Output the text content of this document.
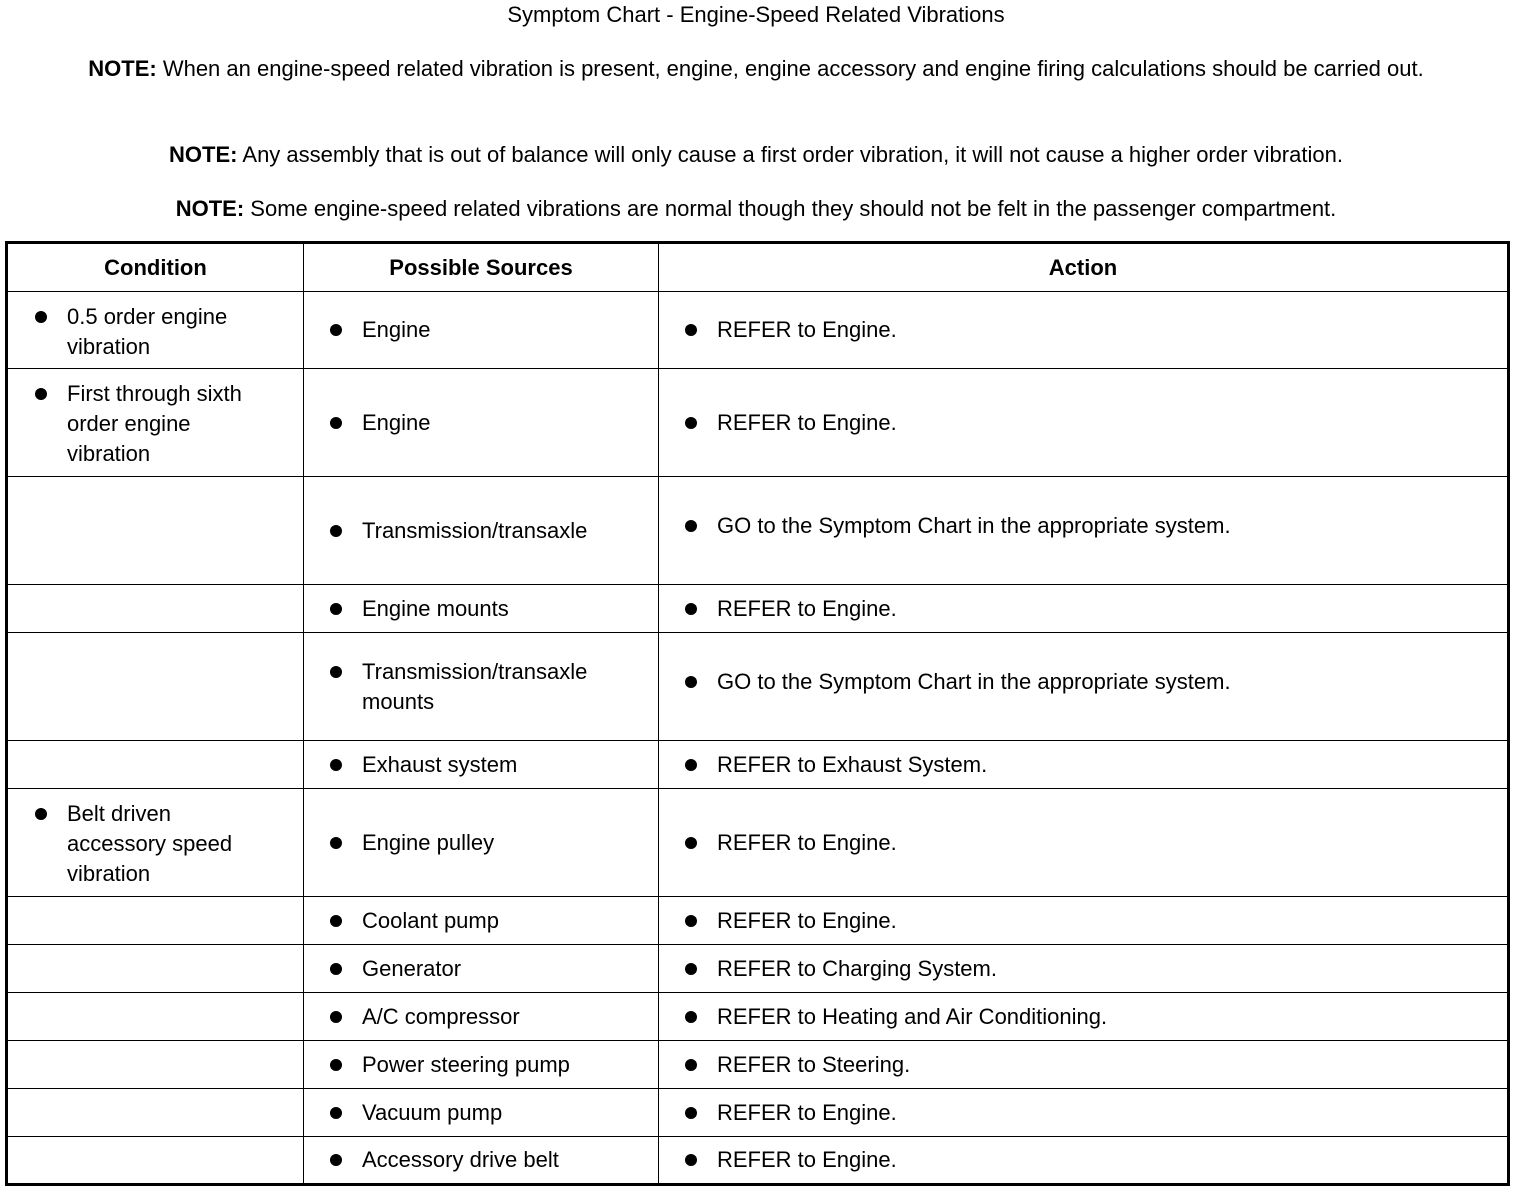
Symptom Chart - Engine-Speed Related Vibrations
NOTE: When an engine-speed related vibration is present, engine, engine accessory and engine firing calculations should be carried out.
NOTE: Any assembly that is out of balance will only cause a first order vibration, it will not cause a higher order vibration.
NOTE: Some engine-speed related vibrations are normal though they should not be felt in the passenger compartment.
Condition	Possible Sources	Action

0.5 order engine vibration	Engine	REFER to Engine.

First through sixth order engine vibration	Engine	REFER to Engine.

	Transmission/transaxle	GO to the Symptom Chart in the appropriate system.

	Engine mounts	REFER to Engine.

	Transmission/transaxle mounts	GO to the Symptom Chart in the appropriate system.

	Exhaust system	REFER to Exhaust System.

Belt driven accessory speed vibration	Engine pulley	REFER to Engine.

	Coolant pump	REFER to Engine.

	Generator	REFER to Charging System.

	A/C compressor	REFER to Heating and Air Conditioning.

	Power steering pump	REFER to Steering.

	Vacuum pump	REFER to Engine.

	Accessory drive belt	REFER to Engine.
